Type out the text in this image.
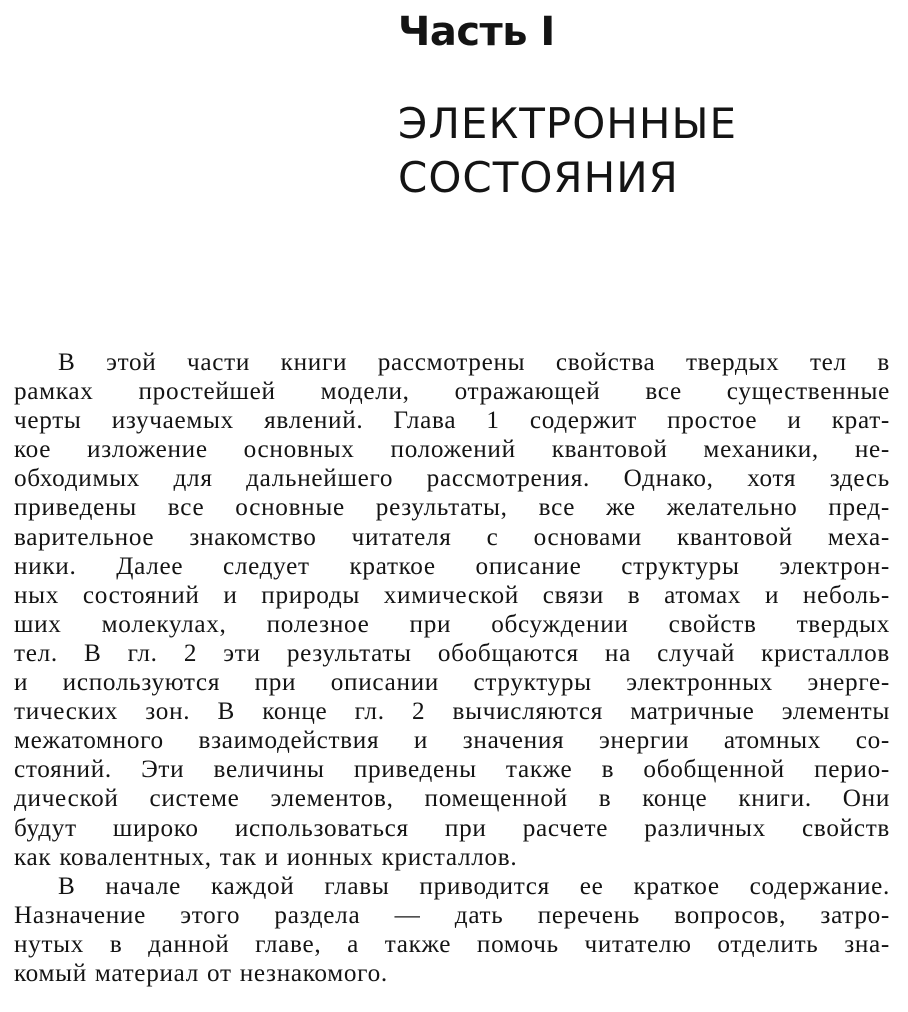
Часть I
ЭЛЕКТРОННЫЕ
СОСТОЯНИЯ
В этой части книги рассмотрены свойства твердых тел в
рамках простейшей модели, отражающей все существенные
черты изучаемых явлений. Глава 1 содержит простое и крат-
кое изложение основных положений квантовой механики, не-
обходимых для дальнейшего рассмотрения. Однако, хотя здесь
приведены все основные результаты, все же желательно пред-
варительное знакомство читателя с основами квантовой меха-
ники. Далее следует краткое описание структуры электрон-
ных состояний и природы химической связи в атомах и неболь-
ших молекулах, полезное при обсуждении свойств твердых
тел. В гл. 2 эти результаты обобщаются на случай кристаллов
и используются при описании структуры электронных энерге-
тических зон. В конце гл. 2 вычисляются матричные элементы
межатомного взаимодействия и значения энергии атомных со-
стояний. Эти величины приведены также в обобщенной перио-
дической системе элементов, помещенной в конце книги. Они
будут широко использоваться при расчете различных свойств
как ковалентных, так и ионных кристаллов.
В начале каждой главы приводится ее краткое содержание.
Назначение этого раздела — дать перечень вопросов, затро-
нутых в данной главе, а также помочь читателю отделить зна-
комый материал от незнакомого.
